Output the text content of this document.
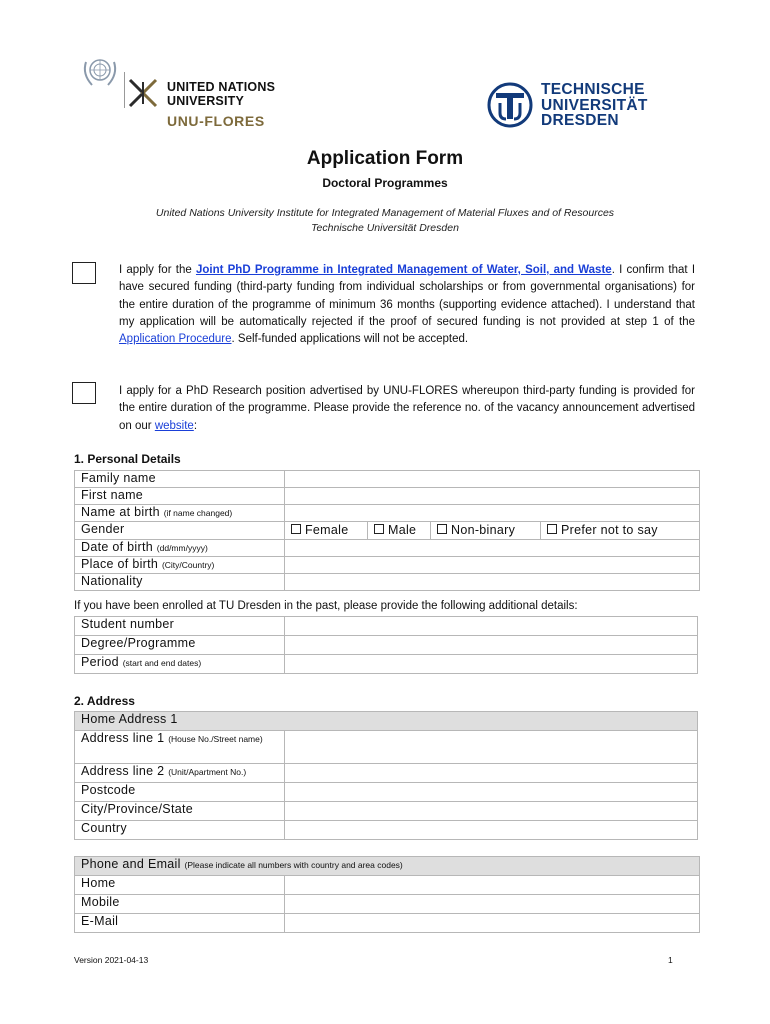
UNITED NATIONS
UNIVERSITY
UNU-FLORES
TECHNISCHE
UNIVERSITÄT
DRESDEN
Application Form
Doctoral Programmes
United Nations University Institute for Integrated Management of Material Fluxes and of Resources
Technische Universität Dresden
I apply for the Joint PhD Programme in Integrated Management of Water, Soil, and Waste. I confirm that I have secured funding (third-party funding from individual scholarships or from governmental organisations) for the entire duration of the programme of minimum 36 months (supporting evidence attached). I understand that my application will be automatically rejected if the proof of secured funding is not provided at step 1 of the Application Procedure. Self-funded applications will not be accepted.
I apply for a PhD Research position advertised by UNU-FLORES whereupon third-party funding is provided for the entire duration of the programme. Please provide the reference no. of the vacancy announcement advertised on our website:
1. Personal Details
Family name	
First name	
Name at birth (if name changed)	
Gender	Female Male Non-binary Prefer not to say
Date of birth (dd/mm/yyyy)	
Place of birth (City/Country)	
Nationality	
If you have been enrolled at TU Dresden in the past, please provide the following additional details:
Student number	
Degree/Programme	
Period (start and end dates)	
2. Address
Home Address 1	
Address line 1 (House No./Street name)	
Address line 2 (Unit/Apartment No.)	
Postcode	
City/Province/State	
Country	
Phone and Email (Please indicate all numbers with country and area codes)	
Home	
Mobile	
E-Mail	
Version 2021-04-13	1
